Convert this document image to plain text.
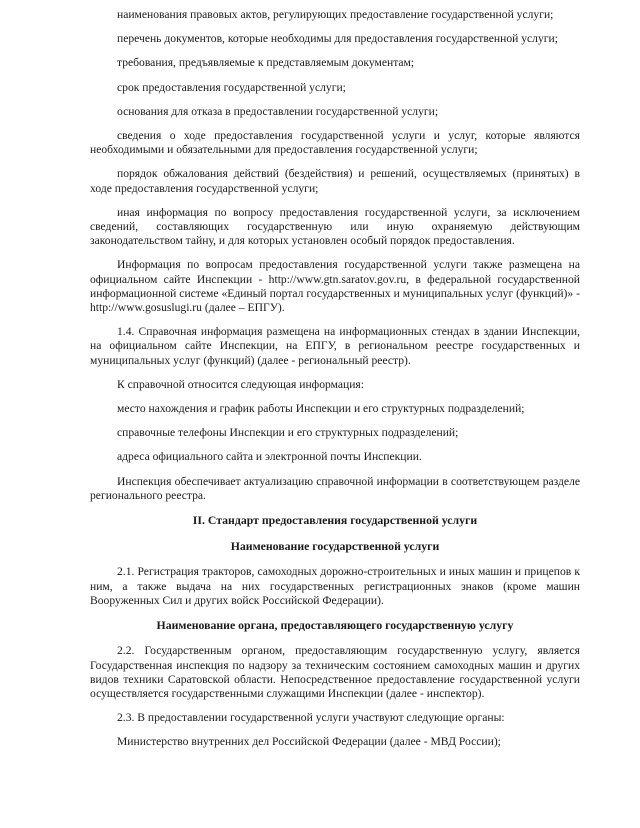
наименования правовых актов, регулирующих предоставление государственной услуги;

перечень документов, которые необходимы для предоставления государственной услуги;

требования, предъявляемые к представляемым документам;

срок предоставления государственной услуги;

основания для отказа в предоставлении государственной услуги;

сведения о ходе предоставления государственной услуги и услуг, которые являются необходимыми и обязательными для предоставления государственной услуги;

порядок обжалования действий (бездействия) и решений, осуществляемых (принятых) в ходе предоставления государственной услуги;

иная информация по вопросу предоставления государственной услуги, за исключением сведений, составляющих государственную или иную охраняемую действующим законодательством тайну, и для которых установлен особый порядок предоставления.

Информация по вопросам предоставления государственной услуги также размещена на официальном сайте Инспекции - http://www.gtn.saratov.gov.ru, в федеральной государственной информационной системе «Единый портал государственных и муниципальных услуг (функций)» - http://www.gosuslugi.ru (далее – ЕПГУ).

1.4. Справочная информация размещена на информационных стендах в здании Инспекции, на официальном сайте Инспекции, на ЕПГУ, в региональном реестре государственных и муниципальных услуг (функций) (далее - региональный реестр).

К справочной относится следующая информация:

место нахождения и график работы Инспекции и его структурных подразделений;

справочные телефоны Инспекции и его структурных подразделений;

адреса официального сайта и электронной почты Инспекции.

Инспекция обеспечивает актуализацию справочной информации в соответствующем разделе регионального реестра.

II. Стандарт предоставления государственной услуги

Наименование государственной услуги

2.1. Регистрация тракторов, самоходных дорожно-строительных и иных машин и прицепов к ним, а также выдача на них государственных регистрационных знаков (кроме машин Вооруженных Сил и других войск Российской Федерации).

Наименование органа, предоставляющего государственную услугу

2.2. Государственным органом, предоставляющим государственную услугу, является Государственная инспекция по надзору за техническим состоянием самоходных машин и других видов техники Саратовской области. Непосредственное предоставление государственной услуги осуществляется государственными служащими Инспекции (далее - инспектор).

2.3. В предоставлении государственной услуги участвуют следующие органы:

Министерство внутренних дел Российской Федерации (далее - МВД России);
